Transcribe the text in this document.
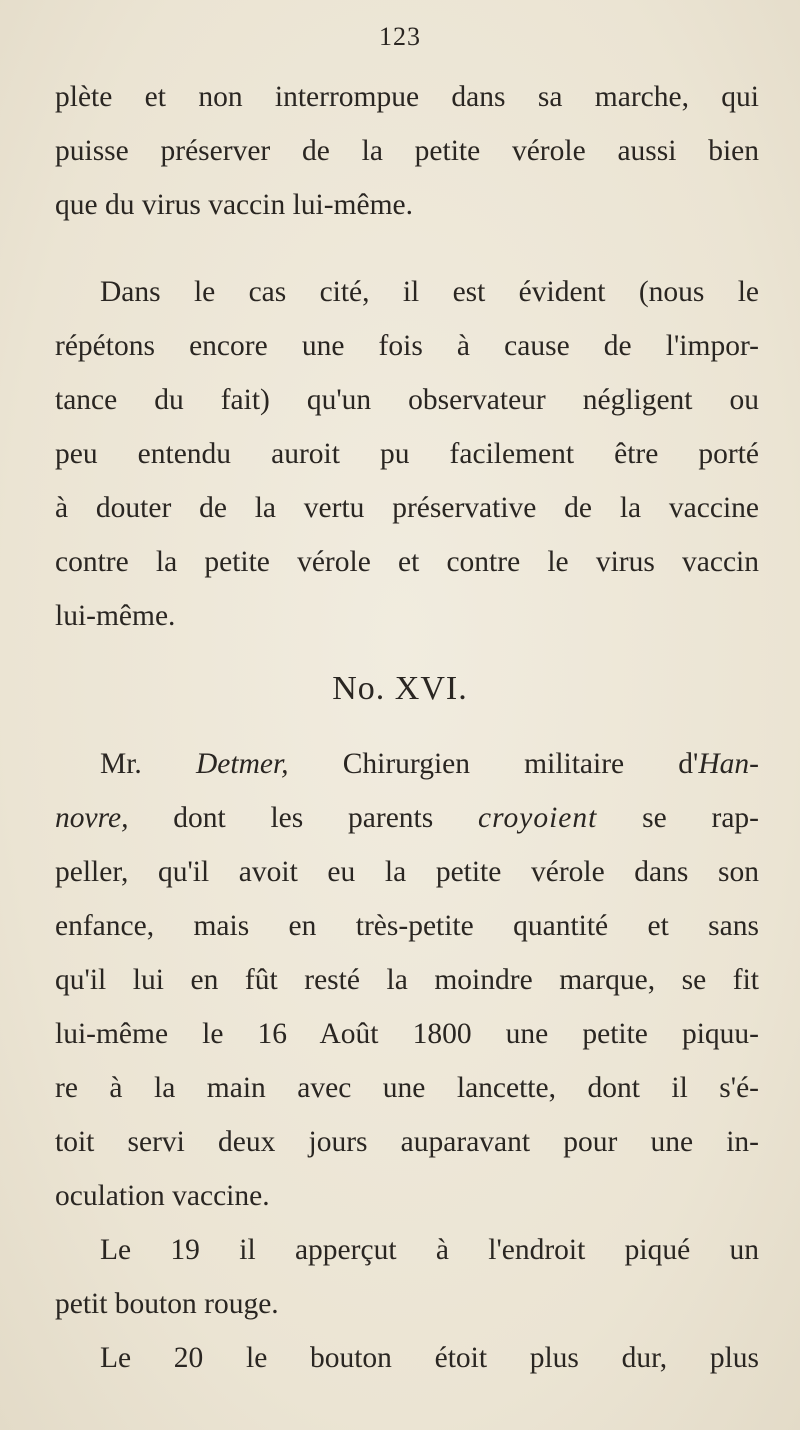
123
plète et non interrompue dans sa marche, qui
puisse préserver de la petite vérole aussi bien
que du virus vaccin lui-même.
Dans le cas cité, il est évident (nous le
répétons encore une fois à cause de l'impor-
tance du fait) qu'un observateur négligent ou
peu entendu auroit pu facilement être porté
à douter de la vertu préservative de la vaccine
contre la petite vérole et contre le virus vaccin
lui-même.
No. XVI.
Mr. Detmer, Chirurgien militaire d'Han-
novre, dont les parents croyoient se rap-
peller, qu'il avoit eu la petite vérole dans son
enfance, mais en très-petite quantité et sans
qu'il lui en fût resté la moindre marque, se fit
lui-même le 16 Août 1800 une petite piquu-
re à la main avec une lancette, dont il s'é-
toit servi deux jours auparavant pour une in-
oculation vaccine.
Le 19 il apperçut à l'endroit piqué un
petit bouton rouge.
Le 20 le bouton étoit plus dur, plus
